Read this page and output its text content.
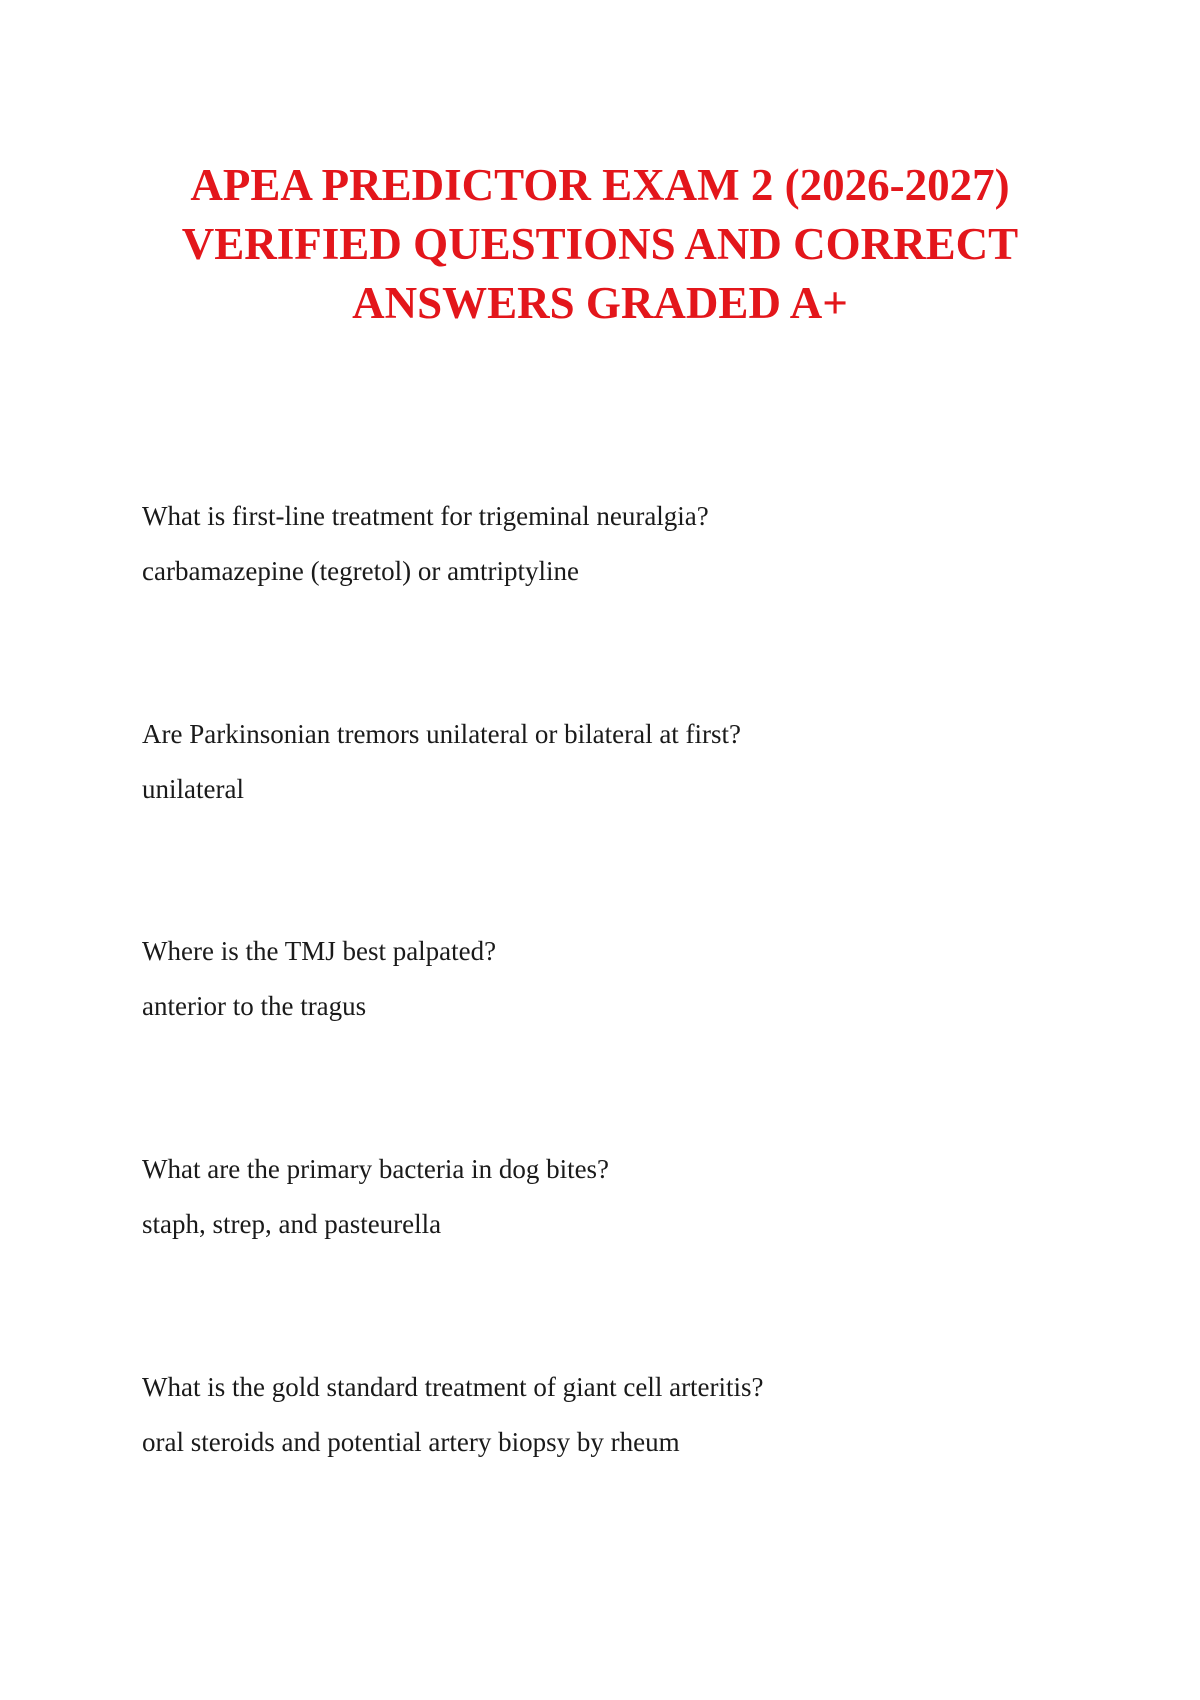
APEA PREDICTOR EXAM 2 (2026-2027)
VERIFIED QUESTIONS AND CORRECT
ANSWERS GRADED A+

What is first-line treatment for trigeminal neuralgia?

carbamazepine (tegretol) or amtriptyline

Are Parkinsonian tremors unilateral or bilateral at first?

unilateral

Where is the TMJ best palpated?

anterior to the tragus

What are the primary bacteria in dog bites?

staph, strep, and pasteurella

What is the gold standard treatment of giant cell arteritis?

oral steroids and potential artery biopsy by rheum
